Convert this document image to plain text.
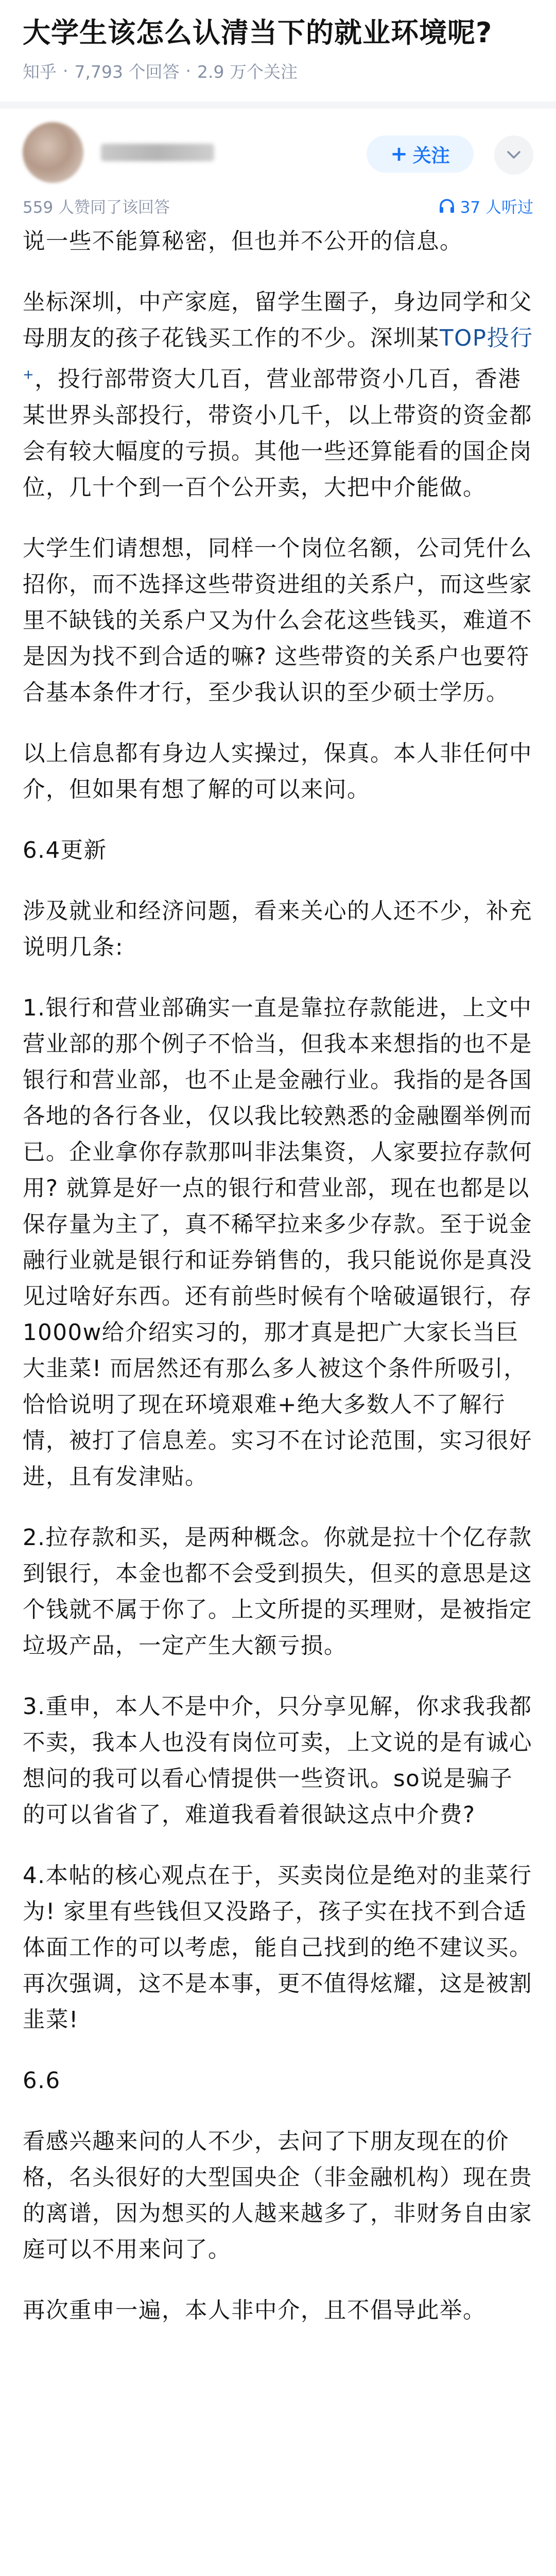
大学生该怎么认清当下的就业环境呢?
知乎 · 7,793 个回答 · 2.9 万个关注
+ 关注
559 人赞同了该回答	37 人听过

说一些不能算秘密，但也并不公开的信息。

坐标深圳，中产家庭，留学生圈子，身边同学和父母朋友的孩子花钱买工作的不少。深圳某TOP投行+，投行部带资大几百，营业部带资小几百，香港某世界头部投行，带资小几千，以上带资的资金都会有较大幅度的亏损。其他一些还算能看的国企岗位，几十个到一百个公开卖，大把中介能做。

大学生们请想想，同样一个岗位名额，公司凭什么招你，而不选择这些带资进组的关系户，而这些家里不缺钱的关系户又为什么会花这些钱买，难道不是因为找不到合适的嘛? 这些带资的关系户也要符合基本条件才行，至少我认识的至少硕士学历。

以上信息都有身边人实操过，保真。本人非任何中介，但如果有想了解的可以来问。

6.4更新

涉及就业和经济问题，看来关心的人还不少，补充说明几条:

1.银行和营业部确实一直是靠拉存款能进，上文中营业部的那个例子不恰当，但我本来想指的也不是银行和营业部，也不止是金融行业。我指的是各国各地的各行各业，仅以我比较熟悉的金融圈举例而已。企业拿你存款那叫非法集资，人家要拉存款何用? 就算是好一点的银行和营业部，现在也都是以保存量为主了，真不稀罕拉来多少存款。至于说金融行业就是银行和证券销售的，我只能说你是真没见过啥好东西。还有前些时候有个啥破逼银行，存1000w给介绍实习的，那才真是把广大家长当巨大韭菜! 而居然还有那么多人被这个条件所吸引，恰恰说明了现在环境艰难+绝大多数人不了解行情，被打了信息差。实习不在讨论范围，实习很好进，且有发津贴。

2.拉存款和买，是两种概念。你就是拉十个亿存款到银行，本金也都不会受到损失，但买的意思是这个钱就不属于你了。上文所提的买理财，是被指定垃圾产品，一定产生大额亏损。

3.重申，本人不是中介，只分享见解，你求我我都不卖，我本人也没有岗位可卖，上文说的是有诚心想问的我可以看心情提供一些资讯。so说是骗子的可以省省了，难道我看着很缺这点中介费?

4.本帖的核心观点在于，买卖岗位是绝对的韭菜行为! 家里有些钱但又没路子，孩子实在找不到合适体面工作的可以考虑，能自己找到的绝不建议买。再次强调，这不是本事，更不值得炫耀，这是被割韭菜!

6.6

看感兴趣来问的人不少，去问了下朋友现在的价格，名头很好的大型国央企（非金融机构）现在贵的离谱，因为想买的人越来越多了，非财务自由家庭可以不用来问了。

再次重申一遍，本人非中介，且不倡导此举。
